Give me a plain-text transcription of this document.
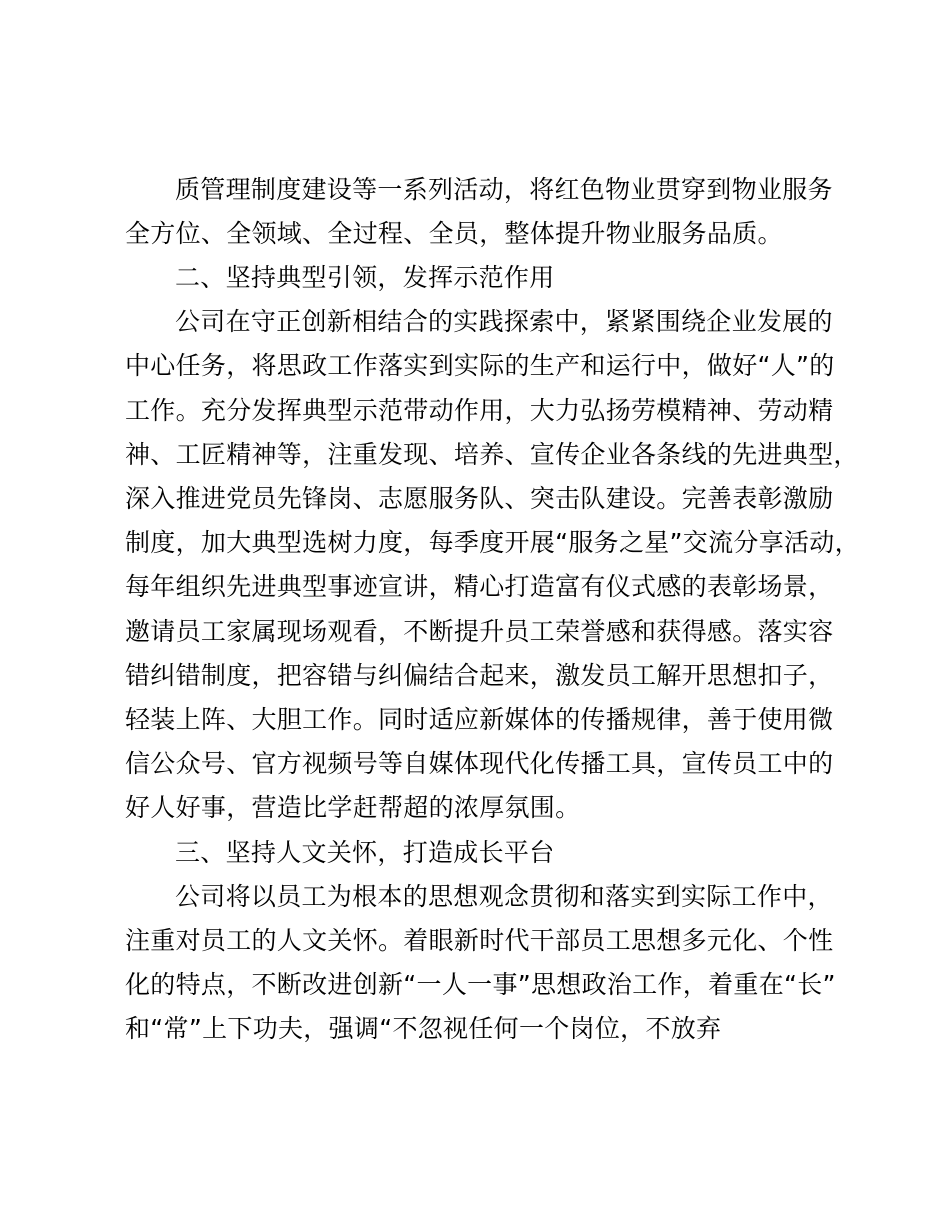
质管理制度建设等一系列活动，将红色物业贯穿到物业服务
全方位、全领域、全过程、全员，整体提升物业服务品质。
二、坚持典型引领，发挥示范作用
公司在守正创新相结合的实践探索中，紧紧围绕企业发展的
中心任务，将思政工作落实到实际的生产和运行中，做好“人”的
工作。充分发挥典型示范带动作用，大力弘扬劳模精神、劳动精
神、工匠精神等，注重发现、培养、宣传企业各条线的先进典型，
深入推进党员先锋岗、志愿服务队、突击队建设。完善表彰激励
制度，加大典型选树力度，每季度开展“服务之星”交流分享活动，
每年组织先进典型事迹宣讲，精心打造富有仪式感的表彰场景，
邀请员工家属现场观看，不断提升员工荣誉感和获得感。落实容
错纠错制度，把容错与纠偏结合起来，激发员工解开思想扣子，
轻装上阵、大胆工作。同时适应新媒体的传播规律，善于使用微
信公众号、官方视频号等自媒体现代化传播工具，宣传员工中的
好人好事，营造比学赶帮超的浓厚氛围。
三、坚持人文关怀，打造成长平台
公司将以员工为根本的思想观念贯彻和落实到实际工作中，
注重对员工的人文关怀。着眼新时代干部员工思想多元化、个性
化的特点，不断改进创新“一人一事”思想政治工作，着重在“长”
和“常”上下功夫，强调“不忽视任何一个岗位，不放弃
